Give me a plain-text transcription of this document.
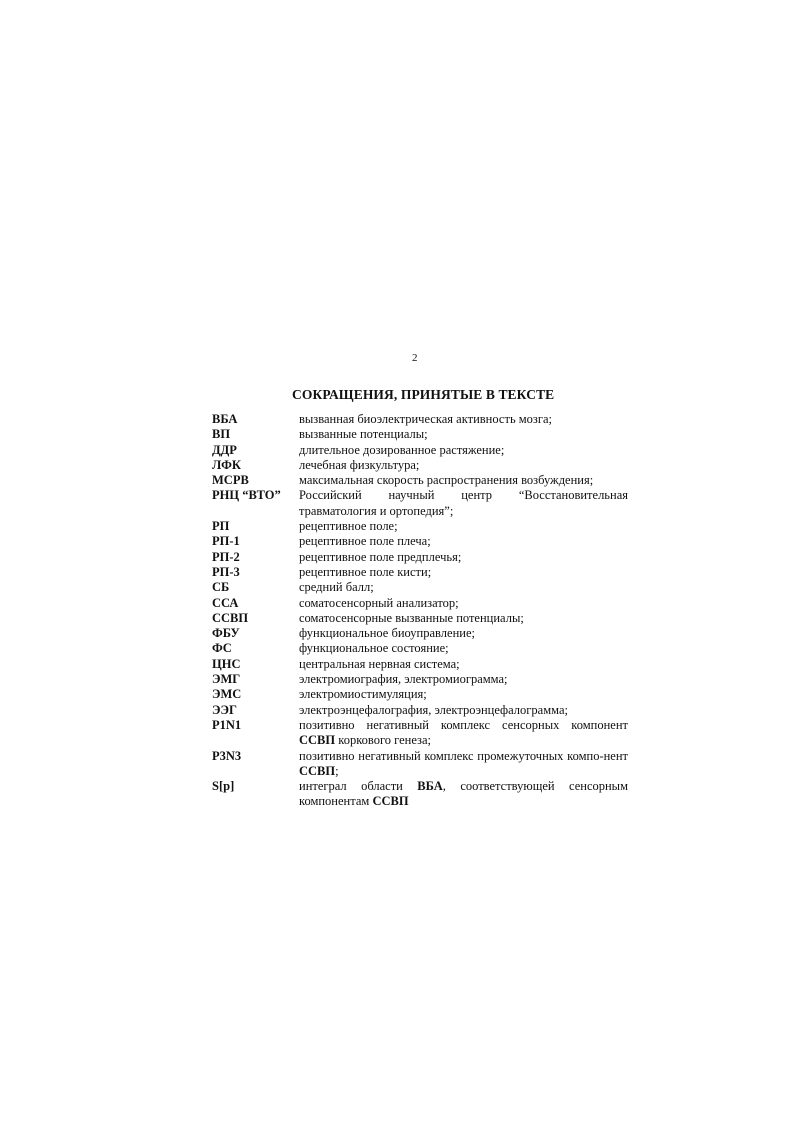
2
СОКРАЩЕНИЯ, ПРИНЯТЫЕ В ТЕКСТЕ
ВБА	вызванная биоэлектрическая активность мозга;
ВП	вызванные потенциалы;
ДДР	длительное дозированное растяжение;
ЛФК	лечебная физкультура;
МСРВ	максимальная скорость распространения возбуждения;
РНЦ “ВТО”	Российский научный центр “Восстановительная травматология и ортопедия”;
РП	рецептивное поле;
РП-1	рецептивное поле плеча;
РП-2	рецептивное поле предплечья;
РП-3	рецептивное поле кисти;
СБ	средний балл;
ССА	соматосенсорный анализатор;
ССВП	соматосенсорные вызванные потенциалы;
ФБУ	функциональное биоуправление;
ФС	функциональное состояние;
ЦНС	центральная нервная система;
ЭМГ	электромиография, электромиограмма;
ЭМС	электромиостимуляция;
ЭЭГ	электроэнцефалография, электроэнцефалограмма;
P1N1	позитивно негативный комплекс сенсорных компонент ССВП коркового генеза;
P3N3	позитивно негативный комплекс промежуточных компо-нент ССВП;
S[p]	интеграл области ВБА, соответствующей сенсорным компонентам ССВП
